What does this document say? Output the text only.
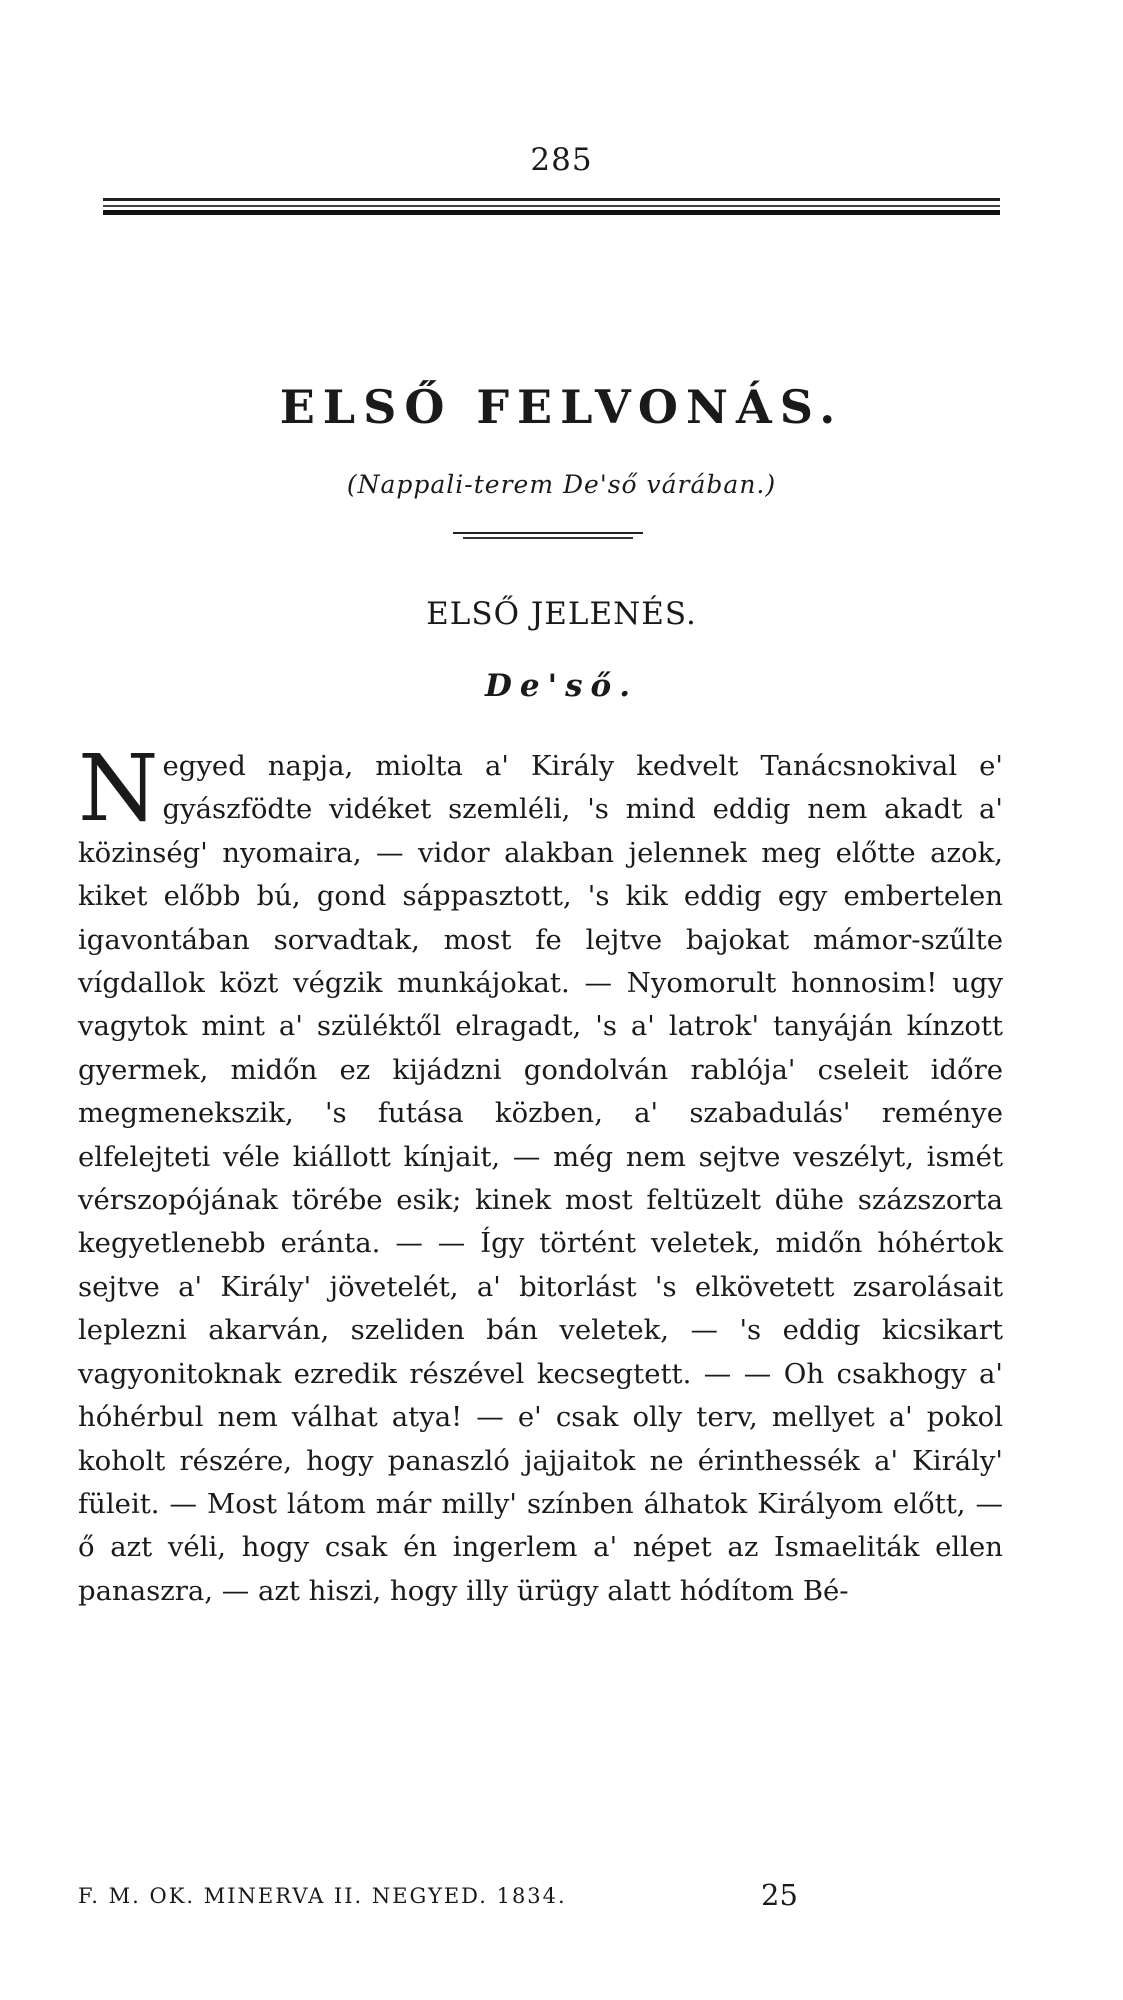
285
ELSŐ FELVONÁS.
(Nappali-terem De'ső várában.)
ELSŐ JELENÉS.
De'ső.
Negyed napja, miolta a' Király kedvelt Tanácsnokival e' gyászfödte vidéket szemléli, 's mind eddig nem akadt a' közinség' nyomaira, — vidor alakban jelennek meg előtte azok, kiket előbb bú, gond sáppasztott, 's kik eddig egy embertelen igavontában sorvadtak, most fe lejtve bajokat mámor-szűlte vígdallok közt végzik munkájokat. — Nyomorult honnosim! ugy vagytok mint a' szüléktől elragadt, 's a' latrok' tanyáján kínzott gyermek, midőn ez kijádzni gondolván rablója' cseleit időre megmenekszik, 's futása közben, a' szabadulás' reménye elfelejteti véle kiállott kínjait, — még nem sejtve veszélyt, ismét vérszopójának törébe esik; kinek most feltüzelt dühe százszorta kegyetlenebb eránta. — — Így történt veletek, midőn hóhértok sejtve a' Király' jövetelét, a' bitorlást 's elkövetett zsarolásait leplezni akarván, szeliden bán veletek, — 's eddig kicsikart vagyonitoknak ezredik részével kecsegtett. — — Oh csakhogy a' hóhérbul nem válhat atya! — e' csak olly terv, mellyet a' pokol koholt részére, hogy panaszló jajjaitok ne érinthessék a' Király' füleit. — Most látom már milly' színben álhatok Királyom előtt, — ő azt véli, hogy csak én ingerlem a' népet az Ismaeliták ellen panaszra, — azt hiszi, hogy illy ürügy alatt hódítom Bé-
F. M. OK. MINERVA II. NEGYED. 1834.	25
